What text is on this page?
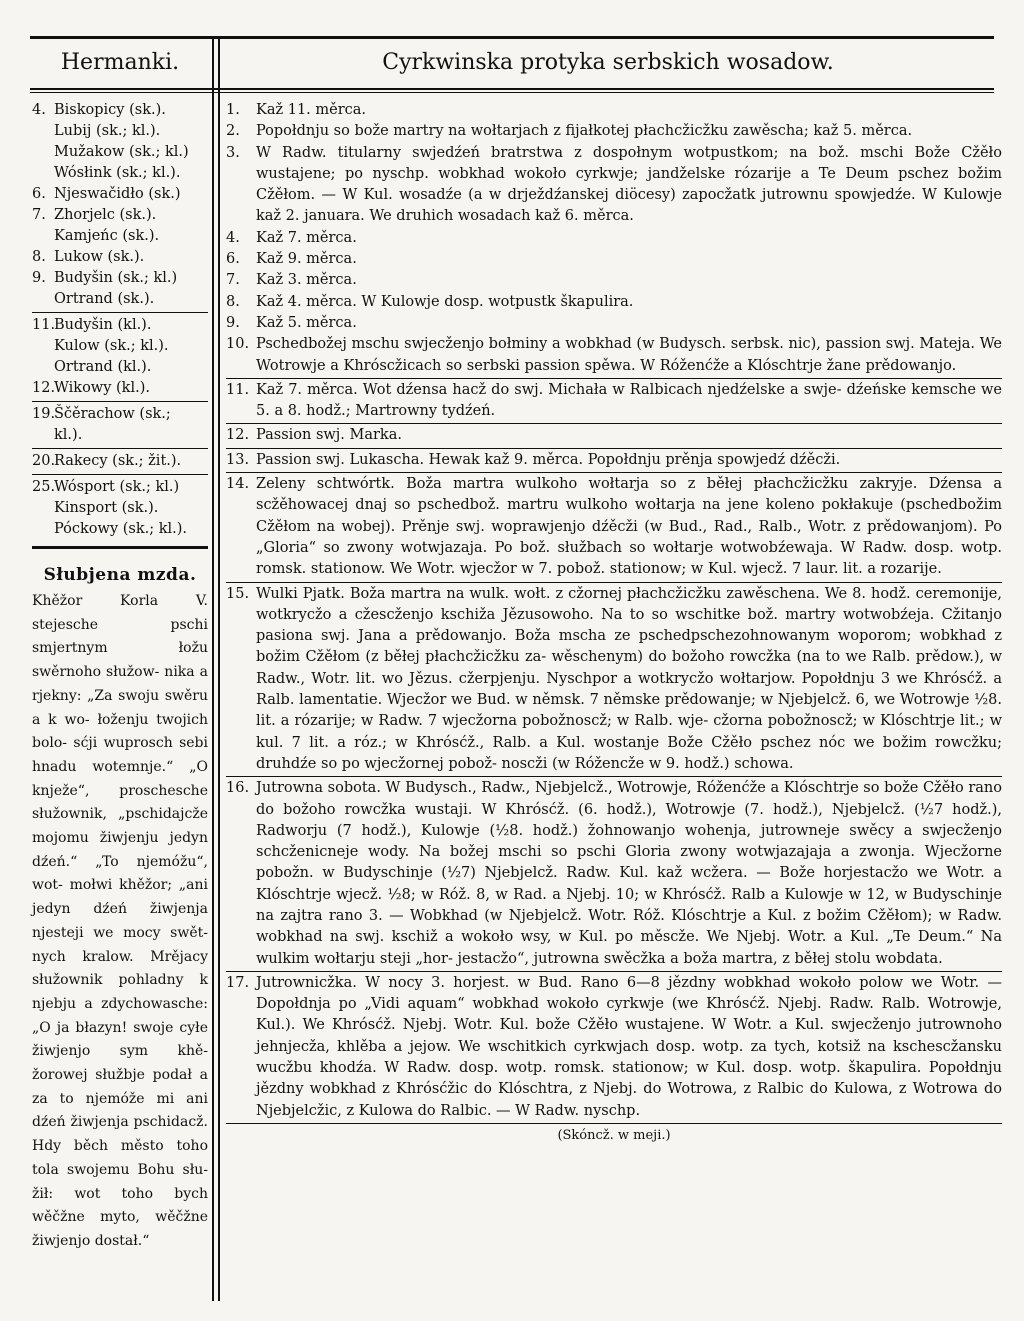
Hermanki.	Cyrkwinska protyka serbskich wosadow.
4. Biskopicy (sk.).
Lubij (sk.; kl.).
Mužakow (sk.; kl.)
Wósłink (sk.; kl.).
6. Njeswačidło (sk.)
7. Zhorjelc (sk.).
Kamjeńc (sk.).
8. Lukow (sk.).
9. Budyšin (sk.; kl.)
Ortrand (sk.).
11.Budyšin (kl.).
Kulow (sk.; kl.).
Ortrand (kl.).
12.Wikowy (kl.).
19.Ščěrachow (sk.;
kl.).
20.Rakecy (sk.; žit.).
25.Wósport (sk.; kl.)
Kinsport (sk.).
Póckowy (sk.; kl.).
Słubjena mzda.
Khěžor Korla V. stejesche pschi smjertnym łožu swěrnoho słužow- nika a rjekny: „Za swoju swěru a k wo- łoženju twojich bolo- sćji wuprosch sebi hnadu wotemnje.“ „O knježe“, proschesche słužownik, „pschidajcže mojomu žiwjenju jedyn dźeń.“ „To njemóžu“, wot- mołwi khěžor; „ani jedyn dźeń žiwjenja njesteji we mocy swět- nych kralow. Mrějacy słužownik pohladny k njebju a zdychowasche: „O ja błazyn! swoje cyłe žiwjenjo sym khě- žorowej słužbje podał a za to njemóže mi ani dźeń žiwjenja pschidacž. Hdy běch město toho tola swojemu Bohu słu- žił: wot toho bych wěčžne myto, wěčžne žiwjenjo dostał.“
1.	Kaž 11. měrca.
2.	Popołdnju so bože martry na wołtarjach z fijałkotej płachcžicžku zawěscha; kaž 5. měrca.
3.	W Radw. titularny swjedźeń bratrstwa z dospołnym wotpustkom; na bož. mschi Bože Cžěło wustajene; po nyschp. wobkhad wokoło cyrkwje; jandželske rózarije a Te Deum pschez božim Cžěłom. — W Kul. wosadźe (a w drježdźanskej diöcesy) zapocžatk jutrownu spowjedźe. W Kulowje kaž 2. januara. We druhich wosadach kaž 6. měrca.
4.	Kaž 7. měrca.
6.	Kaž 9. měrca.
7.	Kaž 3. měrca.
8.	Kaž 4. měrca. W Kulowje dosp. wotpustk škapulira.
9.	Kaž 5. měrca.
10. Pschedbožej mschu swjecženjo bołminy a wobkhad (w Budysch. serbsk. nic), passion swj. Mateja. We Wotrowje a Khróscžicach so serbski passion spěwa. W Róženćže a Klóschtrje žane prědowanjo.
11. Kaž 7. měrca. Wot dźensa hacž do swj. Michała w Ralbicach njedźelske a swje- dźeńske kemsche we 5. a 8. hodž.; Martrowny tydźeń.
12. Passion swj. Marka.
13. Passion swj. Lukascha. Hewak kaž 9. měrca. Popołdnju prěnja spowjedź dźěcži.
14. Zeleny schtwórtk. Boža martra wulkoho wołtarja so z běłej płachcžicžku zakryje. Dźensa a scžěhowacej dnaj so pschedbož. martru wulkoho wołtarja na jene koleno pokłakuje (pschedbožim Cžěłom na wobej). Prěnje swj. woprawjenjo dźěcži (w Bud., Rad., Ralb., Wotr. z prědowanjom). Po „Gloria“ so zwony wotwjazaja. Po bož. słužbach so wołtarje wotwobźewaja. W Radw. dosp. wotp. romsk. stationow. We Wotr. wjecžor w 7. pobož. stationow; w Kul. wjecž. 7 laur. lit. a rozarije.
15. Wulki Pjatk. Boža martra na wulk. wołt. z cžornej płachcžicžku zawěschena. We 8. hodž. ceremonije, wotkrycžo a cžescženjo kschiža Jězusowoho. Na to so wschitke bož. martry wotwobźeja. Cžitanjo pasiona swj. Jana a prědowanjo. Boža mscha ze pschedpschezohnowanym woporom; wobkhad z božim Cžěłom (z běłej płachcžicžku za- wěschenym) do božoho rowcžka (na to we Ralb. prědow.), w Radw., Wotr. lit. wo Jězus. cžerpjenju. Nyschpor a wotkrycžo wołtarjow. Popołdnju 3 we Khrósćž. a Ralb. lamentatie. Wjecžor we Bud. w němsk. 7 němske prědowanje; w Njebjelcž. 6, we Wotrowje ½8. lit. a rózarije; w Radw. 7 wjecžorna pobožnoscž; w Ralb. wje- cžorna pobožnoscž; w Klóschtrje lit.; w kul. 7 lit. a róz.; w Khrósćž., Ralb. a Kul. wostanje Bože Cžěło pschez nóc we božim rowcžku; druhdźe so po wjecžornej pobož- noscži (w Róžencže w 9. hodž.) schowa.
16. Jutrowna sobota. W Budysch., Radw., Njebjelcž., Wotrowje, Róženćže a Klóschtrje so bože Cžěło rano do božoho rowcžka wustaji. W Khrósćž. (6. hodž.), Wotrowje (7. hodž.), Njebjelcž. (½7 hodž.), Radworju (7 hodž.), Kulowje (½8. hodž.) žohnowanjo wohenja, jutrowneje swěcy a swjecženjo schcženicneje wody. Na božej mschi so pschi Gloria zwony wotwjazajaja a zwonja. Wjecžorne pobožn. w Budyschinje (½7) Njebjelcž. Radw. Kul. kaž wcžera. — Bože horjestacžo we Wotr. a Klóschtrje wjecž. ½8; w Róž. 8, w Rad. a Njebj. 10; w Khrósćž. Ralb a Kulowje w 12, w Budyschinje na zajtra rano 3. — Wobkhad (w Njebjelcž. Wotr. Róž. Klóschtrje a Kul. z božim Cžěłom); w Radw. wobkhad na swj. kschiž a wokoło wsy, w Kul. po měscže. We Njebj. Wotr. a Kul. „Te Deum.“ Na wulkim wołtarju steji „hor- jestacžo“, jutrowna swěcžka a boža martra, z běłej stolu wobdata.
17. Jutrownicžka. W nocy 3. horjest. w Bud. Rano 6—8 jězdny wobkhad wokoło polow we Wotr. — Dopołdnja po „Vidi aquam“ wobkhad wokoło cyrkwje (we Khrósćž. Njebj. Radw. Ralb. Wotrowje, Kul.). We Khrósćž. Njebj. Wotr. Kul. bože Cžěło wustajene. W Wotr. a Kul. swjecženjo jutrownoho jehnjecža, khlěba a jejow. We wschitkich cyrkwjach dosp. wotp. za tych, kotsiž na kschescžansku wucžbu khodźa. W Radw. dosp. wotp. romsk. stationow; w Kul. dosp. wotp. škapulira. Popołdnju jězdny wobkhad z Khrósćžic do Klóschtra, z Njebj. do Wotrowa, z Ralbic do Kulowa, z Wotrowa do Njebjelcžic, z Kulowa do Ralbic. — W Radw. nyschp.
(Skóncž. w meji.)
